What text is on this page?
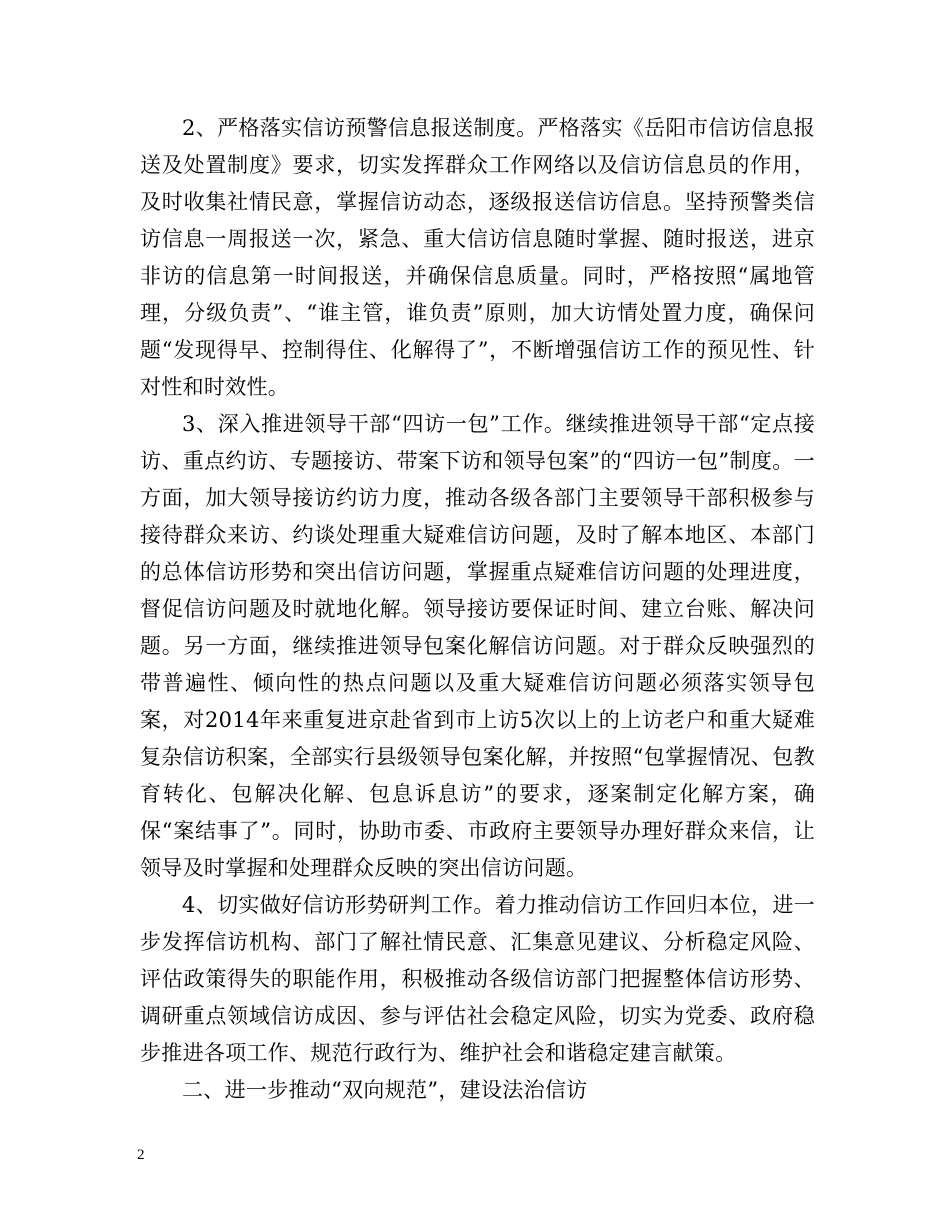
2、严格落实信访预警信息报送制度。严格落实《岳阳市信访信息报送及处置制度》要求，切实发挥群众工作网络以及信访信息员的作用，及时收集社情民意，掌握信访动态，逐级报送信访信息。坚持预警类信访信息一周报送一次，紧急、重大信访信息随时掌握、随时报送，进京非访的信息第一时间报送，并确保信息质量。同时，严格按照“属地管理，分级负责”、“谁主管，谁负责”原则，加大访情处置力度，确保问题“发现得早、控制得住、化解得了”，不断增强信访工作的预见性、针对性和时效性。

3、深入推进领导干部“四访一包”工作。继续推进领导干部“定点接访、重点约访、专题接访、带案下访和领导包案”的“四访一包”制度。一方面，加大领导接访约访力度，推动各级各部门主要领导干部积极参与接待群众来访、约谈处理重大疑难信访问题，及时了解本地区、本部门的总体信访形势和突出信访问题，掌握重点疑难信访问题的处理进度，督促信访问题及时就地化解。领导接访要保证时间、建立台账、解决问题。另一方面，继续推进领导包案化解信访问题。对于群众反映强烈的带普遍性、倾向性的热点问题以及重大疑难信访问题必须落实领导包案，对2014年来重复进京赴省到市上访5次以上的上访老户和重大疑难复杂信访积案，全部实行县级领导包案化解，并按照“包掌握情况、包教育转化、包解决化解、包息诉息访”的要求，逐案制定化解方案，确保“案结事了”。同时，协助市委、市政府主要领导办理好群众来信，让领导及时掌握和处理群众反映的突出信访问题。

4、切实做好信访形势研判工作。着力推动信访工作回归本位，进一步发挥信访机构、部门了解社情民意、汇集意见建议、分析稳定风险、评估政策得失的职能作用，积极推动各级信访部门把握整体信访形势、调研重点领域信访成因、参与评估社会稳定风险，切实为党委、政府稳步推进各项工作、规范行政行为、维护社会和谐稳定建言献策。

二、进一步推动“双向规范”，建设法治信访

2
